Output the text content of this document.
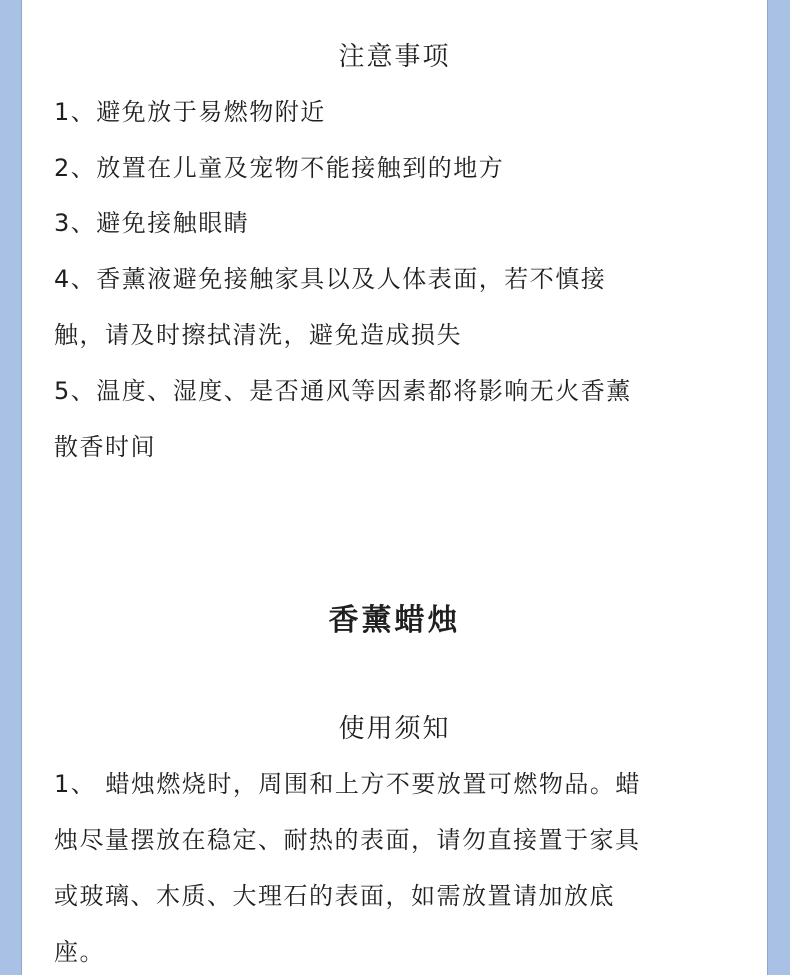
注意事项
1、避免放于易燃物附近
2、放置在儿童及宠物不能接触到的地方
3、避免接触眼睛
4、香薰液避免接触家具以及人体表面，若不慎接
触，请及时擦拭清洗，避免造成损失
5、温度、湿度、是否通风等因素都将影响无火香薰
散香时间
香薰蜡烛
使用须知
1、 蜡烛燃烧时，周围和上方不要放置可燃物品。蜡
烛尽量摆放在稳定、耐热的表面，请勿直接置于家具
或玻璃、木质、大理石的表面，如需放置请加放底
座。
